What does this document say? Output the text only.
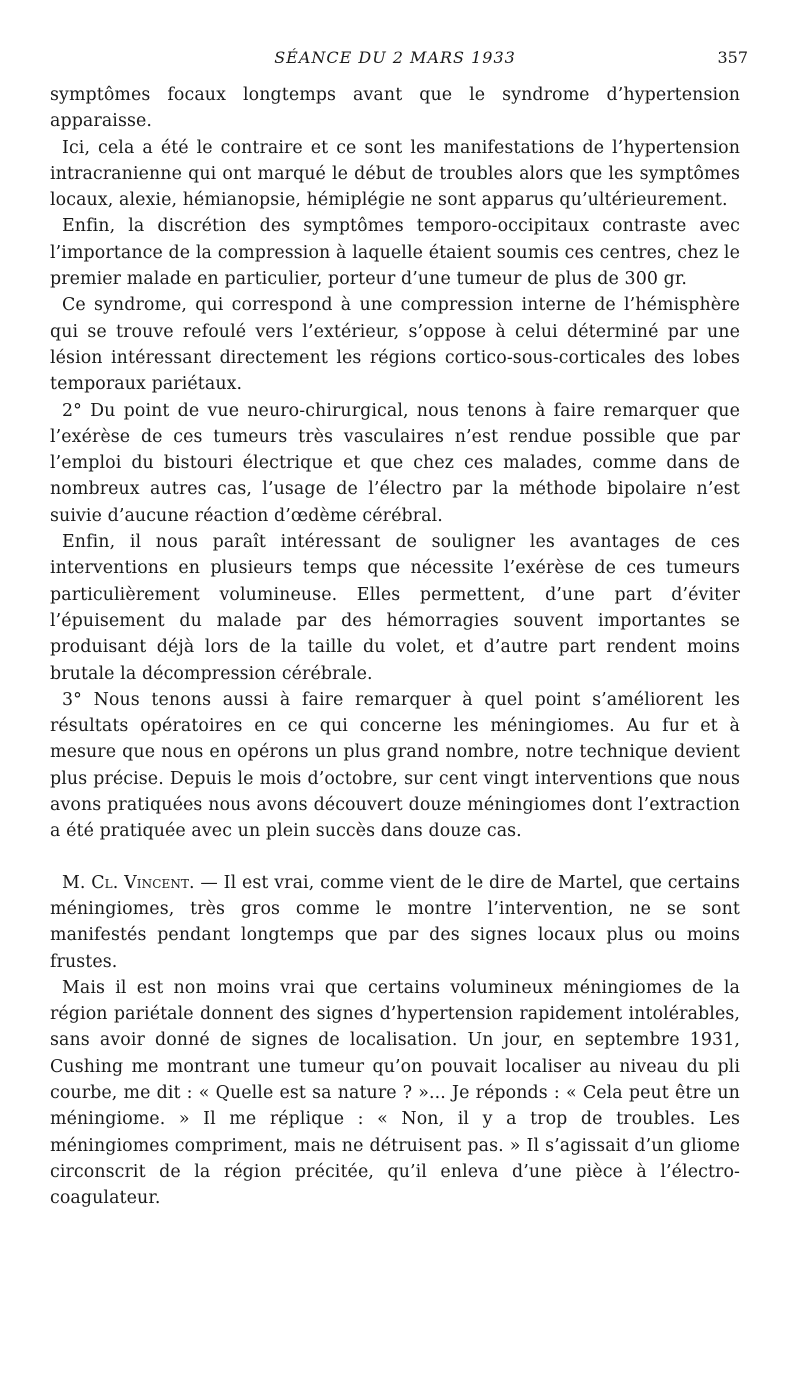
SÉANCE DU 2 MARS 1933	357

symptômes focaux longtemps avant que le syndrome d’hypertension apparaisse.

Ici, cela a été le contraire et ce sont les manifestations de l’hypertension intracranienne qui ont marqué le début de troubles alors que les symptômes locaux, alexie, hémianopsie, hémiplégie ne sont apparus qu’ultérieurement.

Enfin, la discrétion des symptômes temporo-occipitaux contraste avec l’importance de la compression à laquelle étaient soumis ces centres, chez le premier malade en particulier, porteur d’une tumeur de plus de 300 gr.

Ce syndrome, qui correspond à une compression interne de l’hémisphère qui se trouve refoulé vers l’extérieur, s’oppose à celui déterminé par une lésion intéressant directement les régions cortico-sous-corticales des lobes temporaux pariétaux.

2° Du point de vue neuro-chirurgical, nous tenons à faire remarquer que l’exérèse de ces tumeurs très vasculaires n’est rendue possible que par l’emploi du bistouri électrique et que chez ces malades, comme dans de nombreux autres cas, l’usage de l’électro par la méthode bipolaire n’est suivie d’aucune réaction d’œdème cérébral.

Enfin, il nous paraît intéressant de souligner les avantages de ces interventions en plusieurs temps que nécessite l’exérèse de ces tumeurs particulièrement volumineuse. Elles permettent, d’une part d’éviter l’épuisement du malade par des hémorragies souvent importantes se produisant déjà lors de la taille du volet, et d’autre part rendent moins brutale la décompression cérébrale.

3° Nous tenons aussi à faire remarquer à quel point s’améliorent les résultats opératoires en ce qui concerne les méningiomes. Au fur et à mesure que nous en opérons un plus grand nombre, notre technique devient plus précise. Depuis le mois d’octobre, sur cent vingt interventions que nous avons pratiquées nous avons découvert douze méningiomes dont l’extraction a été pratiquée avec un plein succès dans douze cas.

M. Cl. Vincent. — Il est vrai, comme vient de le dire de Martel, que certains méningiomes, très gros comme le montre l’intervention, ne se sont manifestés pendant longtemps que par des signes locaux plus ou moins frustes.

Mais il est non moins vrai que certains volumineux méningiomes de la région pariétale donnent des signes d’hypertension rapidement intolérables, sans avoir donné de signes de localisation. Un jour, en septembre 1931, Cushing me montrant une tumeur qu’on pouvait localiser au niveau du pli courbe, me dit : « Quelle est sa nature ? »... Je réponds : « Cela peut être un méningiome. » Il me réplique : « Non, il y a trop de troubles. Les méningiomes compriment, mais ne détruisent pas. » Il s’agissait d’un gliome circonscrit de la région précitée, qu’il enleva d’une pièce à l’électro-coagulateur.
